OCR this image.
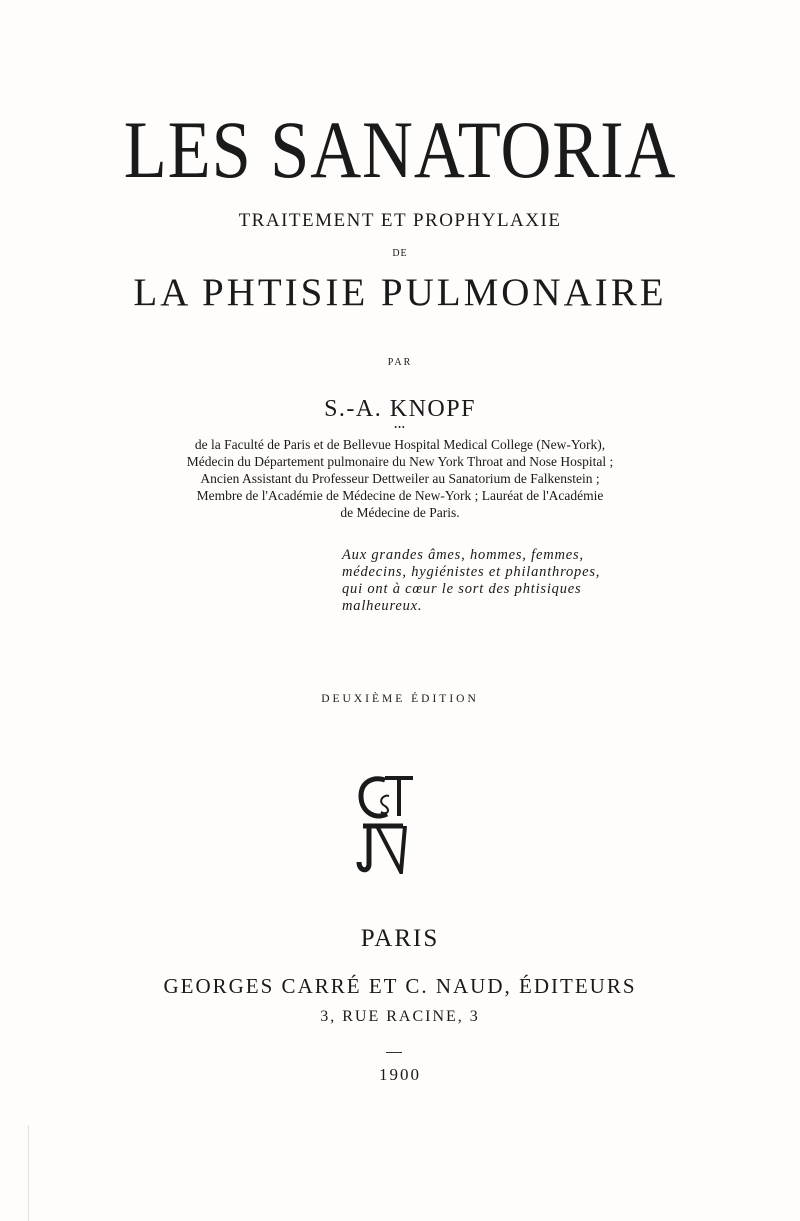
LES SANATORIA
TRAITEMENT ET PROPHYLAXIE
DE
LA PHTISIE PULMONAIRE
PAR
S.-A. KNOPF
•••
de la Faculté de Paris et de Bellevue Hospital Medical College (New-York),
Médecin du Département pulmonaire du New York Throat and Nose Hospital ;
Ancien Assistant du Professeur Dettweiler au Sanatorium de Falkenstein ;
Membre de l'Académie de Médecine de New-York ; Lauréat de l'Académie
de Médecine de Paris.
Aux grandes âmes, hommes, femmes,
médecins, hygiénistes et philanthropes,
qui ont à cœur le sort des phtisiques
malheureux.
DEUXIÈME ÉDITION
PARIS
GEORGES CARRÉ ET C. NAUD, ÉDITEURS
3, RUE RACINE, 3
1900
